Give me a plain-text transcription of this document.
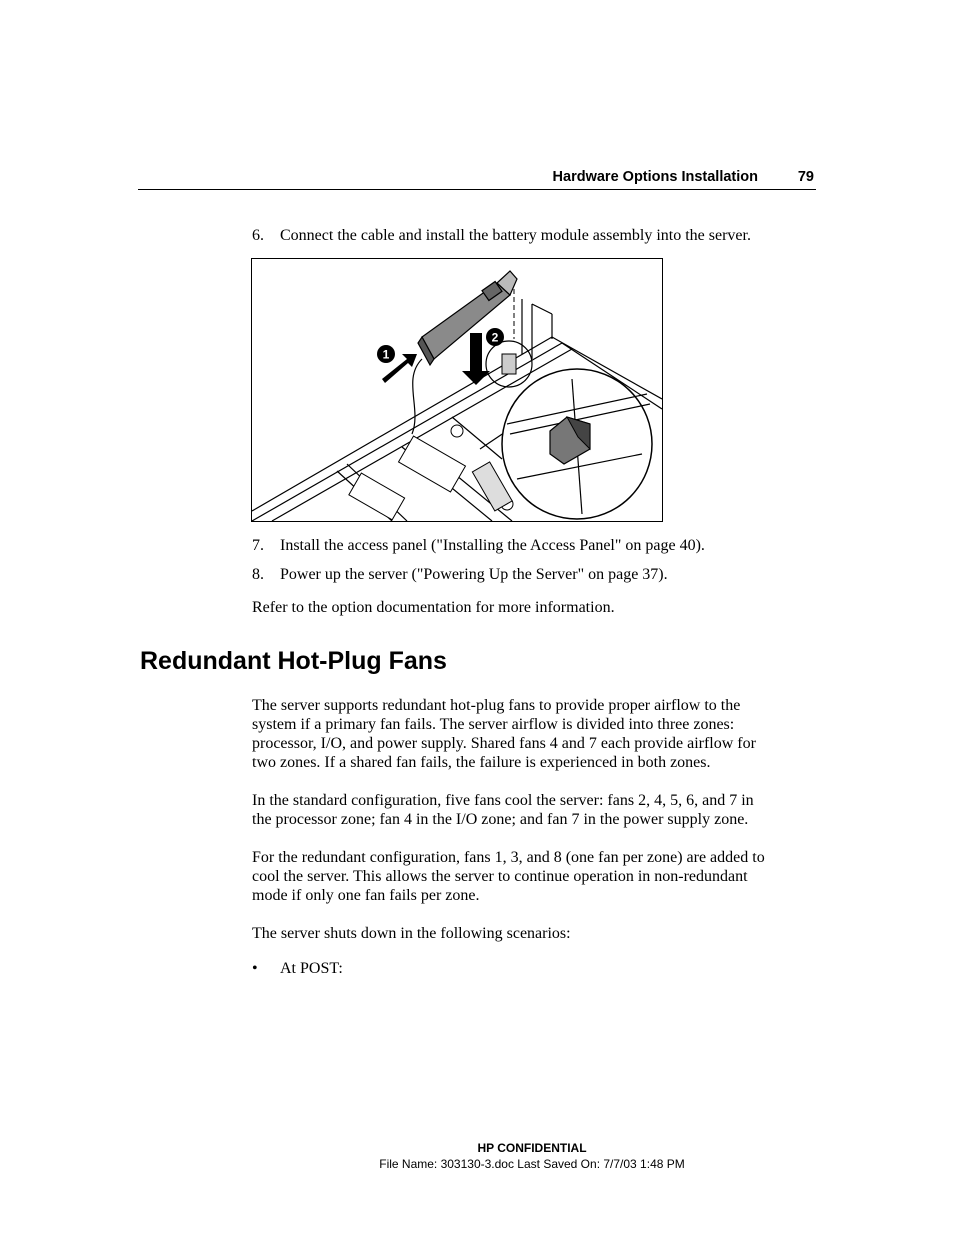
Hardware Options Installation	79
6. Connect the cable and install the battery module assembly into the server.
1
2
7. Install the access panel ("Installing the Access Panel" on page 40).
8. Power up the server ("Powering Up the Server" on page 37).
Refer to the option documentation for more information.
Redundant Hot-Plug Fans
The server supports redundant hot-plug fans to provide proper airflow to the
system if a primary fan fails. The server airflow is divided into three zones:
processor, I/O, and power supply. Shared fans 4 and 7 each provide airflow for
two zones. If a shared fan fails, the failure is experienced in both zones.
In the standard configuration, five fans cool the server: fans 2, 4, 5, 6, and 7 in
the processor zone; fan 4 in the I/O zone; and fan 7 in the power supply zone.
For the redundant configuration, fans 1, 3, and 8 (one fan per zone) are added to
cool the server. This allows the server to continue operation in non-redundant
mode if only one fan fails per zone.
The server shuts down in the following scenarios:
• At POST:
HP CONFIDENTIAL
File Name: 303130-3.doc Last Saved On: 7/7/03 1:48 PM
